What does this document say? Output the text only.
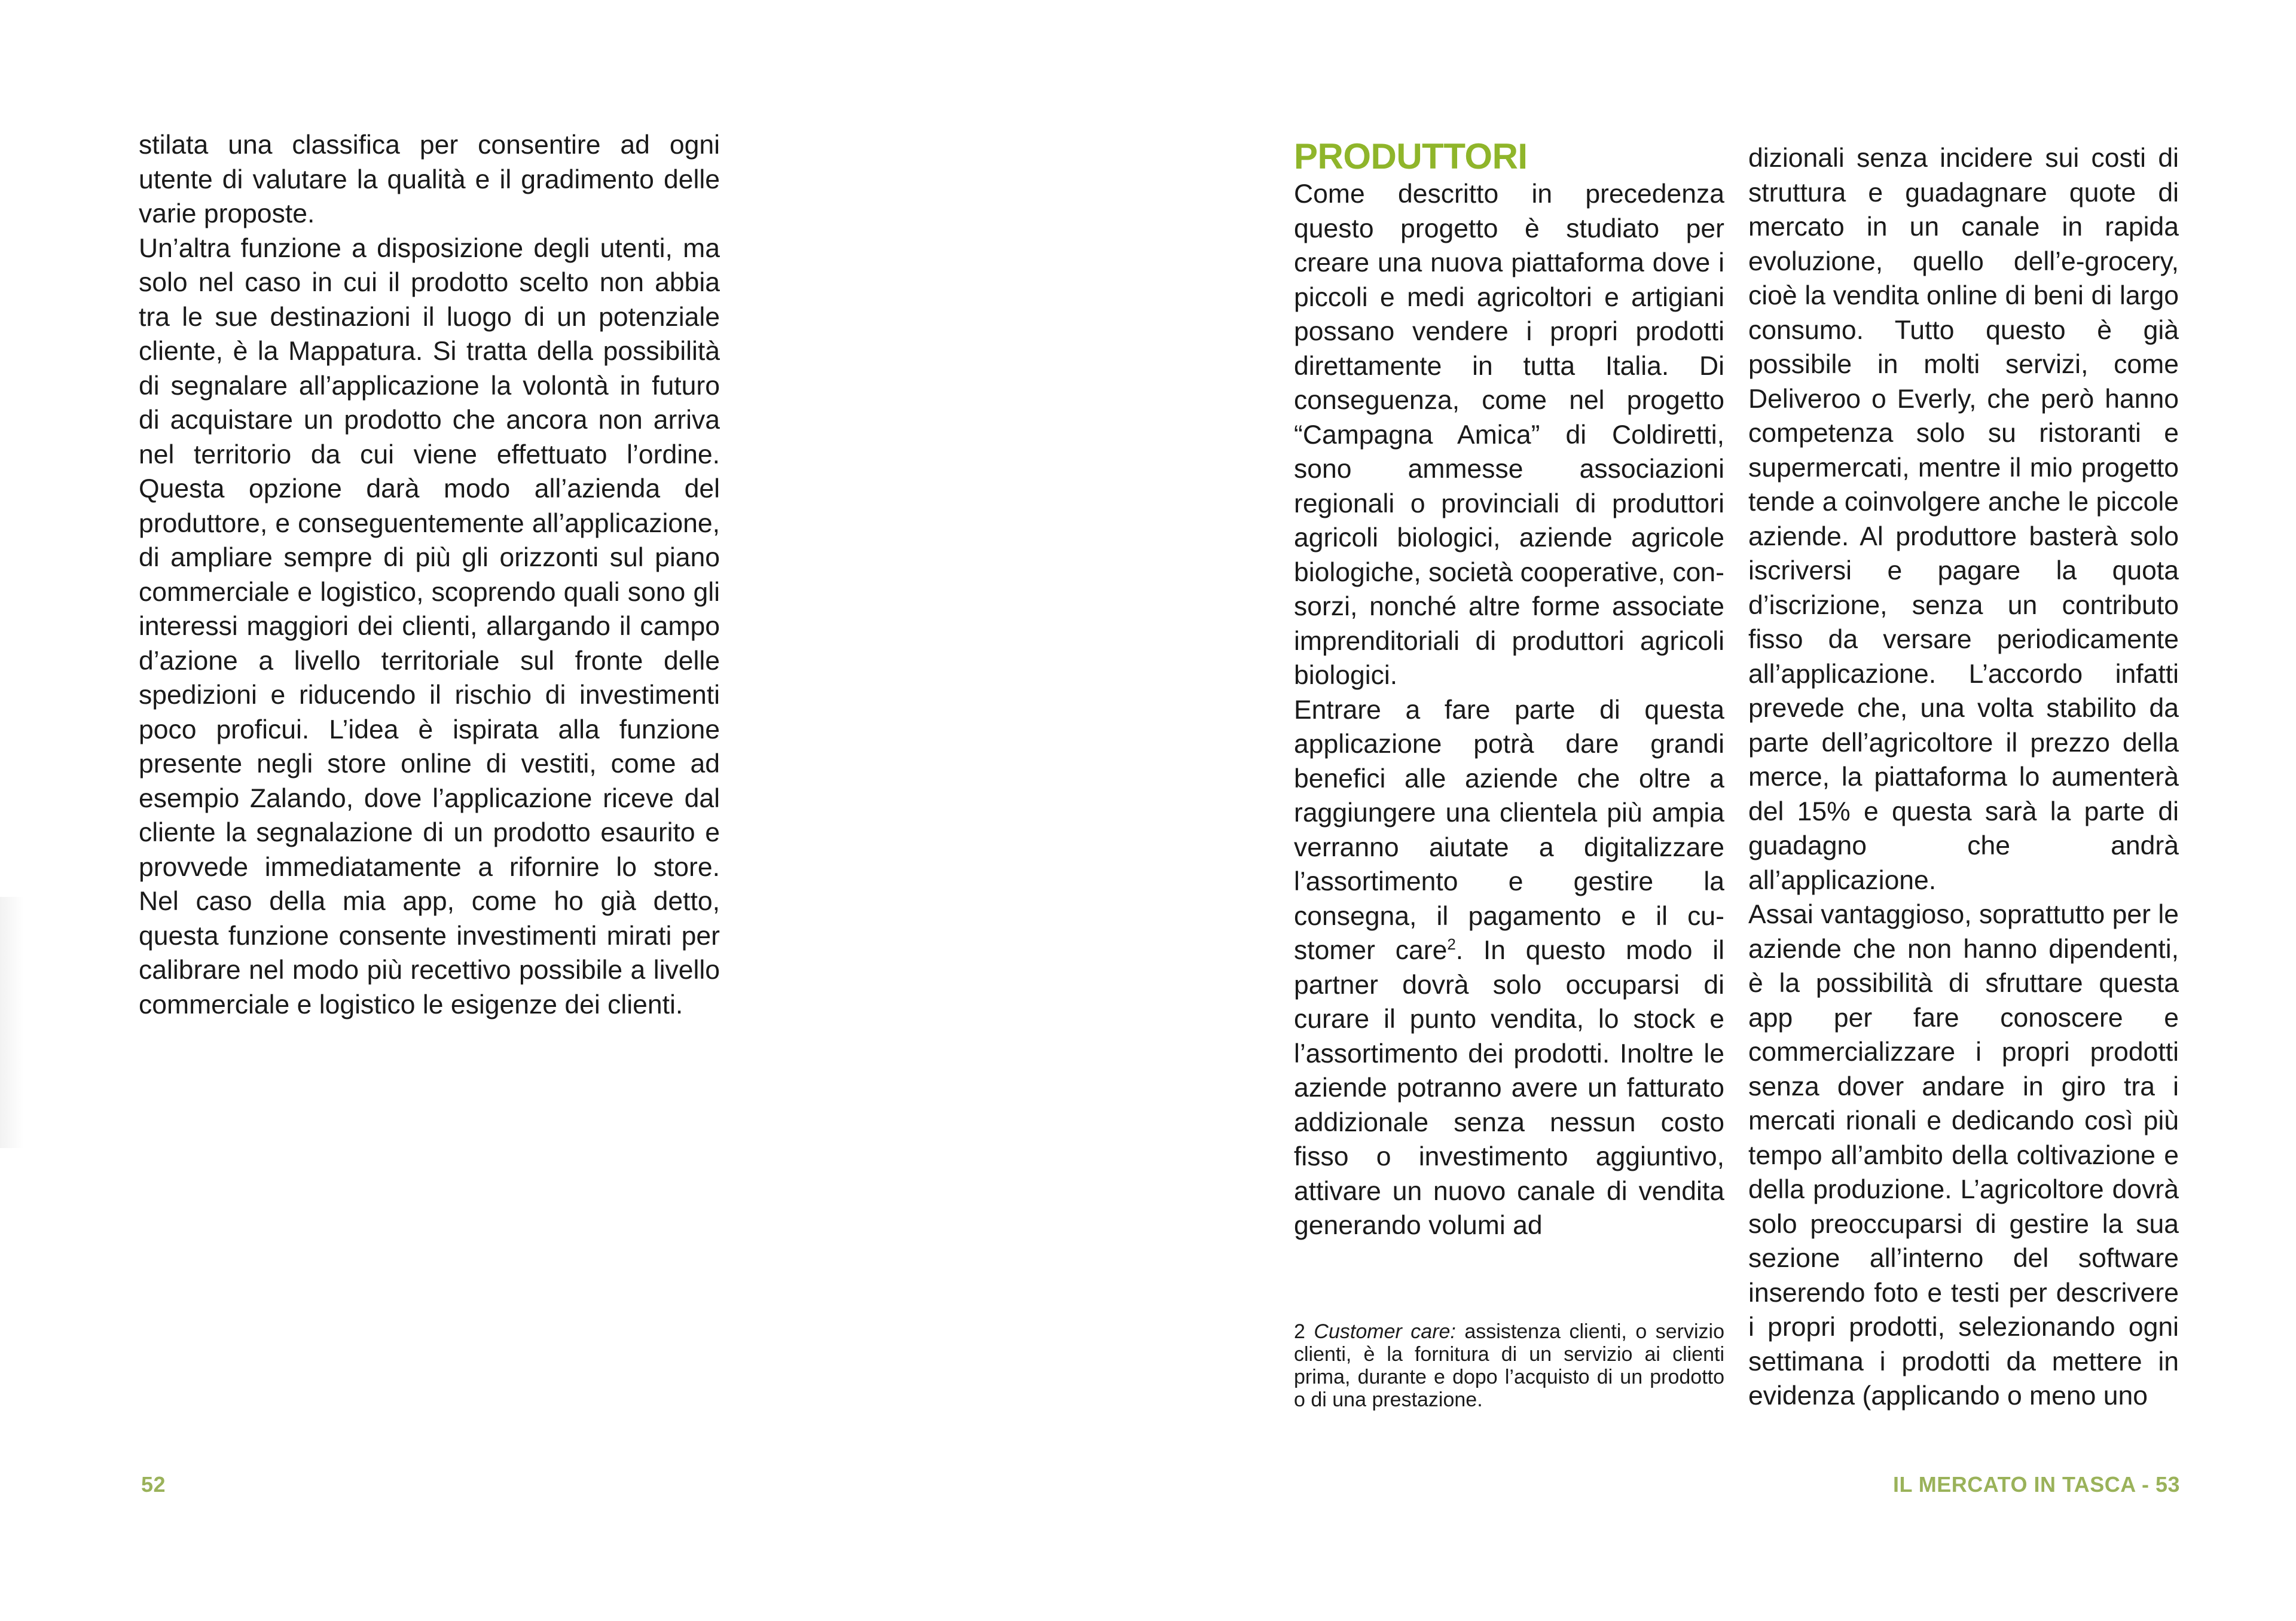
stilata una classifica per consentire ad ogni utente di valutare la qualità e il gradimento delle varie proposte.

Un’altra funzione a disposizione degli utenti, ma solo nel caso in cui il prodotto scelto non abbia tra le sue destinazioni il luogo di un potenziale cliente, è la Mappatura. Si tratta della possibilità di segnalare all’applicazione la volontà in futuro di acquistare un prodotto che ancora non arriva nel territorio da cui viene effettuato l’ordine. Questa opzione darà modo all’azienda del produttore, e conseguentemente all’applicazione, di ampliare sempre di più gli orizzonti sul piano commerciale e logistico, scoprendo quali sono gli interessi maggiori dei clienti, allargando il campo d’azione a livello territoriale sul fronte delle spedizioni e riducendo il rischio di investimenti poco proficui. L’idea è ispirata alla funzione presente negli store online di vestiti, come ad esempio Zalando, dove l’applicazione riceve dal cliente la segnalazione di un prodotto esaurito e provvede immediatamente a rifornire lo store. Nel caso della mia app, come ho già detto, questa funzione consente investimenti mirati per calibrare nel modo più recettivo possibile a livello commerciale e logistico le esigenze dei clienti.

PRODUTTORI

Come descritto in precedenza questo progetto è studiato per creare una nuova piattaforma dove i piccoli e medi agricoltori e artigiani possano vendere i propri prodotti direttamente in tutta Italia. Di conseguenza, come nel progetto “Campagna Amica” di Coldiretti, sono ammesse associazioni regionali o provinciali di produttori agricoli biologici, aziende agricole biologiche, società cooperative, consorzi, nonché altre forme associate imprenditoriali di produttori agricoli biologici.

Entrare a fare parte di questa applicazione potrà dare grandi benefici alle aziende che oltre a raggiungere una clientela più ampia verranno aiutate a digitalizzare l’assortimento e gestire la consegna, il pagamento e il customer care$^2$. In questo modo il partner dovrà solo occuparsi di curare il punto vendita, lo stock e l’assortimento dei prodotti. Inoltre le aziende potranno avere un fatturato addizionale senza nessun costo fisso o investimento aggiuntivo, attivare un nuovo canale di vendita generando volumi ad

2 Customer care: assistenza clienti, o servizio clienti, è la fornitura di un servizio ai clienti prima, durante e dopo l’acquisto di un prodotto o di una prestazione.

dizionali senza incidere sui costi di struttura e guadagnare quote di mercato in un canale in rapida evoluzione, quello dell’e-grocery, cioè la vendita online di beni di largo consumo. Tutto questo è già possibile in molti servizi, come Deliveroo o Everly, che però hanno competenza solo su ristoranti e supermercati, mentre il mio progetto tende a coinvolgere anche le piccole aziende. Al produttore basterà solo iscriversi e pagare la quota d’iscrizione, senza un contributo fisso da versare periodicamente all’applicazione. L’accordo infatti prevede che, una volta stabilito da parte dell’agricoltore il prezzo della merce, la piattaforma lo aumenterà del 15% e questa sarà la parte di guadagno che andrà all’applicazione.

Assai vantaggioso, soprattutto per le aziende che non hanno dipendenti, è la possibilità di sfruttare questa app per fare conoscere e commercializzare i propri prodotti senza dover andare in giro tra i mercati rionali e dedicando così più tempo all’ambito della coltivazione e della produzione. L’agricoltore dovrà solo preoccuparsi di gestire la sua sezione all’interno del software inserendo foto e testi per descrivere i propri prodotti, selezionando ogni settimana i prodotti da mettere in evidenza (applicando o meno uno

52	IL MERCATO IN TASCA - 53
